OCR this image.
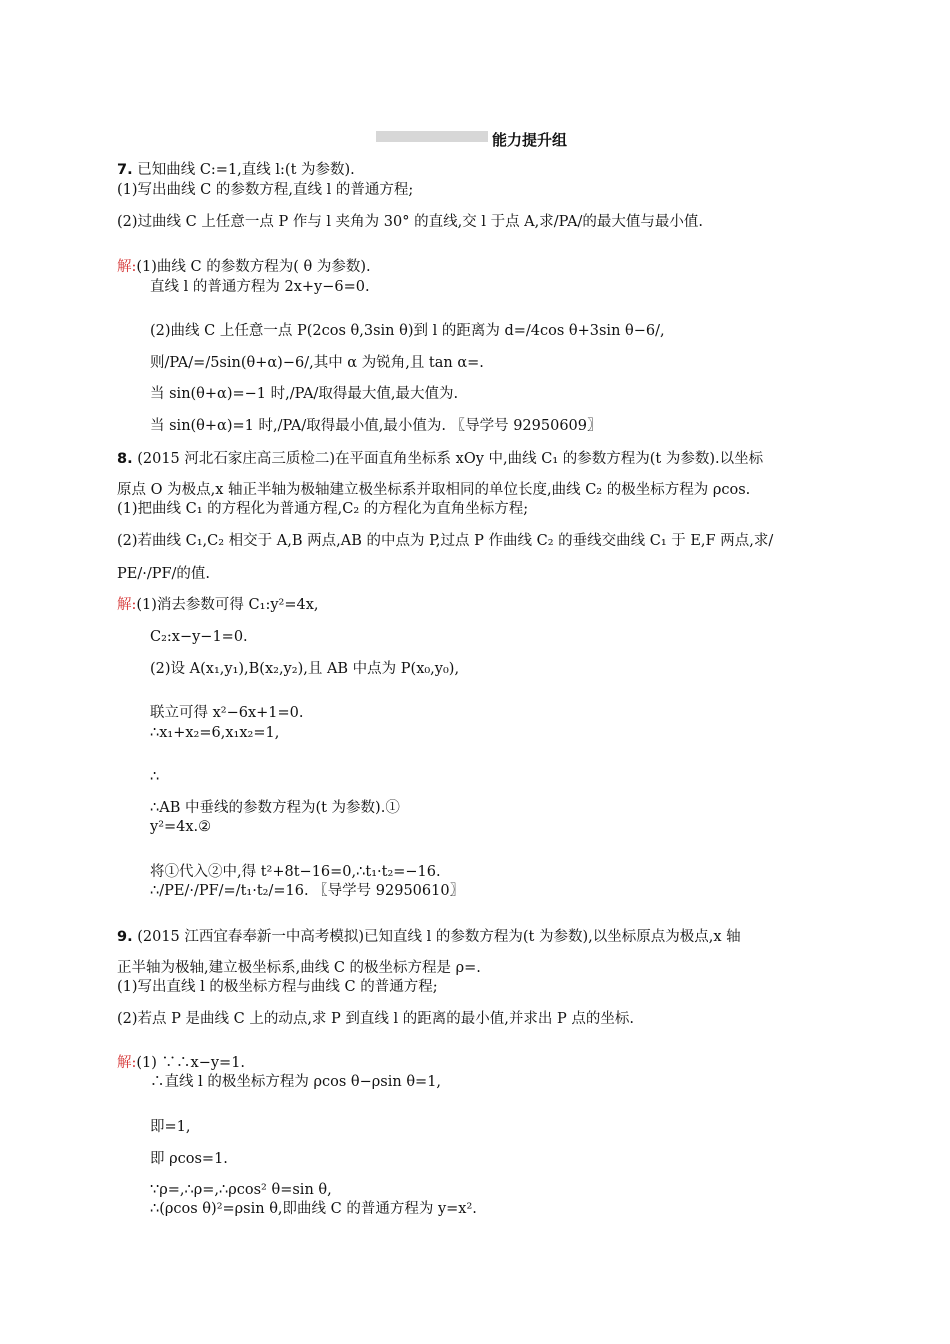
能力提升组
7. 已知曲线 C:=1,直线 l:(t 为参数).
(1)写出曲线 C 的参数方程,直线 l 的普通方程;
(2)过曲线 C 上任意一点 P 作与 l 夹角为 30° 的直线,交 l 于点 A,求/PA/的最大值与最小值.
解:(1)曲线 C 的参数方程为( θ 为参数).
直线 l 的普通方程为 2x+y−6=0.
(2)曲线 C 上任意一点 P(2cos θ,3sin θ)到 l 的距离为 d=/4cos θ+3sin θ−6/,
则/PA/=/5sin(θ+α)−6/,其中 α 为锐角,且 tan α=.
当 sin(θ+α)=−1 时,/PA/取得最大值,最大值为.
当 sin(θ+α)=1 时,/PA/取得最小值,最小值为. 〖导学号 92950609〗
8. (2015 河北石家庄高三质检二)在平面直角坐标系 xOy 中,曲线 C₁ 的参数方程为(t 为参数).以坐标
原点 O 为极点,x 轴正半轴为极轴建立极坐标系并取相同的单位长度,曲线 C₂ 的极坐标方程为 ρcos.
(1)把曲线 C₁ 的方程化为普通方程,C₂ 的方程化为直角坐标方程;
(2)若曲线 C₁,C₂ 相交于 A,B 两点,AB 的中点为 P,过点 P 作曲线 C₂ 的垂线交曲线 C₁ 于 E,F 两点,求/
PE/·/PF/的值.
解:(1)消去参数可得 C₁:y²=4x,
C₂:x−y−1=0.
(2)设 A(x₁,y₁),B(x₂,y₂),且 AB 中点为 P(x₀,y₀),
联立可得 x²−6x+1=0.
∴x₁+x₂=6,x₁x₂=1,
∴
∴AB 中垂线的参数方程为(t 为参数).①
y²=4x.②
将①代入②中,得 t²+8t−16=0,∴t₁·t₂=−16.
∴/PE/·/PF/=/t₁·t₂/=16. 〖导学号 92950610〗
9. (2015 江西宜春奉新一中高考模拟)已知直线 l 的参数方程为(t 为参数),以坐标原点为极点,x 轴
正半轴为极轴,建立极坐标系,曲线 C 的极坐标方程是 ρ=.
(1)写出直线 l 的极坐标方程与曲线 C 的普通方程;
(2)若点 P 是曲线 C 上的动点,求 P 到直线 l 的距离的最小值,并求出 P 点的坐标.
解:(1) ∵∴x−y=1.
∴直线 l 的极坐标方程为 ρcos θ−ρsin θ=1,
即=1,
即 ρcos=1.
∵ρ=,∴ρ=,∴ρcos² θ=sin θ,
∴(ρcos θ)²=ρsin θ,即曲线 C 的普通方程为 y=x².
